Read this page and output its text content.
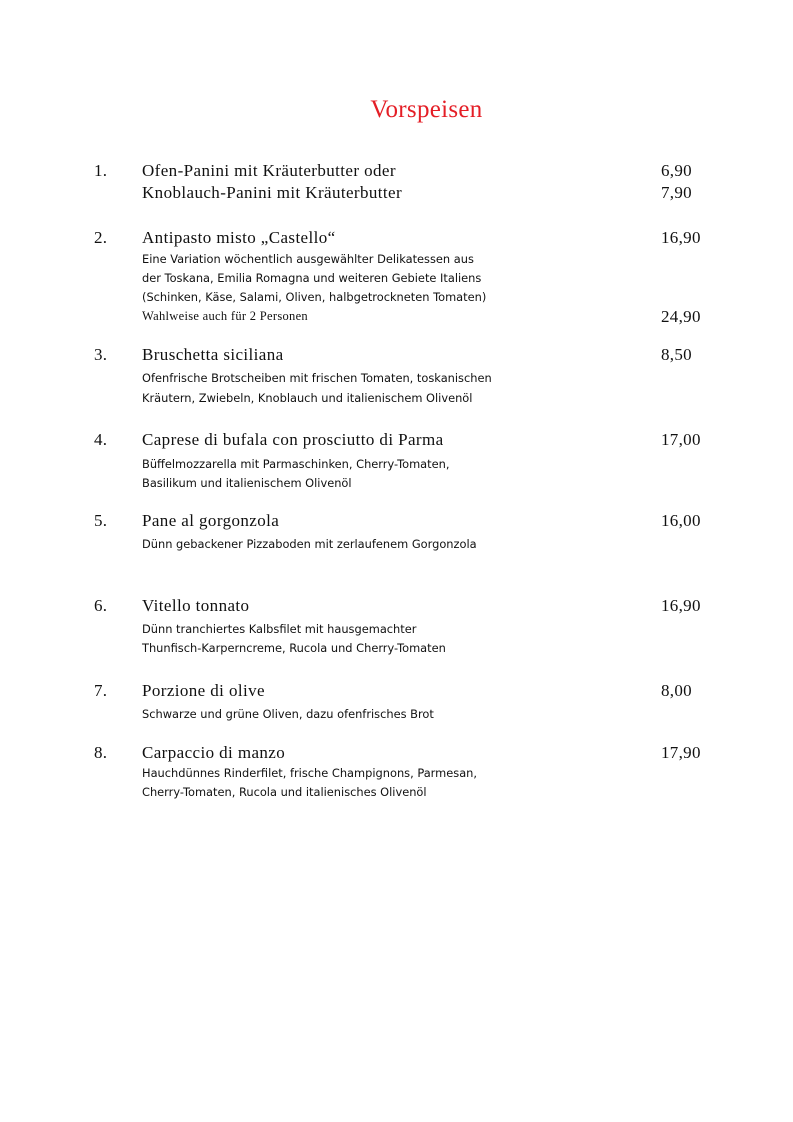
Vorspeisen
1. Ofen-Panini mit Kräuterbutter oder	6,90
Knoblauch-Panini mit Kräuterbutter	7,90
2. Antipasto misto „Castello“	16,90
Eine Variation wöchentlich ausgewählter Delikatessen aus
der Toskana, Emilia Romagna und weiteren Gebiete Italiens
(Schinken, Käse, Salami, Oliven, halbgetrockneten Tomaten)
Wahlweise auch für 2 Personen	24,90
3. Bruschetta siciliana	8,50
Ofenfrische Brotscheiben mit frischen Tomaten, toskanischen
Kräutern, Zwiebeln, Knoblauch und italienischem Olivenöl
4. Caprese di bufala con prosciutto di Parma	17,00
Büffelmozzarella mit Parmaschinken, Cherry-Tomaten,
Basilikum und italienischem Olivenöl
5. Pane al gorgonzola	16,00
Dünn gebackener Pizzaboden mit zerlaufenem Gorgonzola
6. Vitello tonnato	16,90
Dünn tranchiertes Kalbsfilet mit hausgemachter
Thunfisch-Karperncreme, Rucola und Cherry-Tomaten
7. Porzione di olive	8,00
Schwarze und grüne Oliven, dazu ofenfrisches Brot
8. Carpaccio di manzo	17,90
Hauchdünnes Rinderfilet, frische Champignons, Parmesan,
Cherry-Tomaten, Rucola und italienisches Olivenöl
